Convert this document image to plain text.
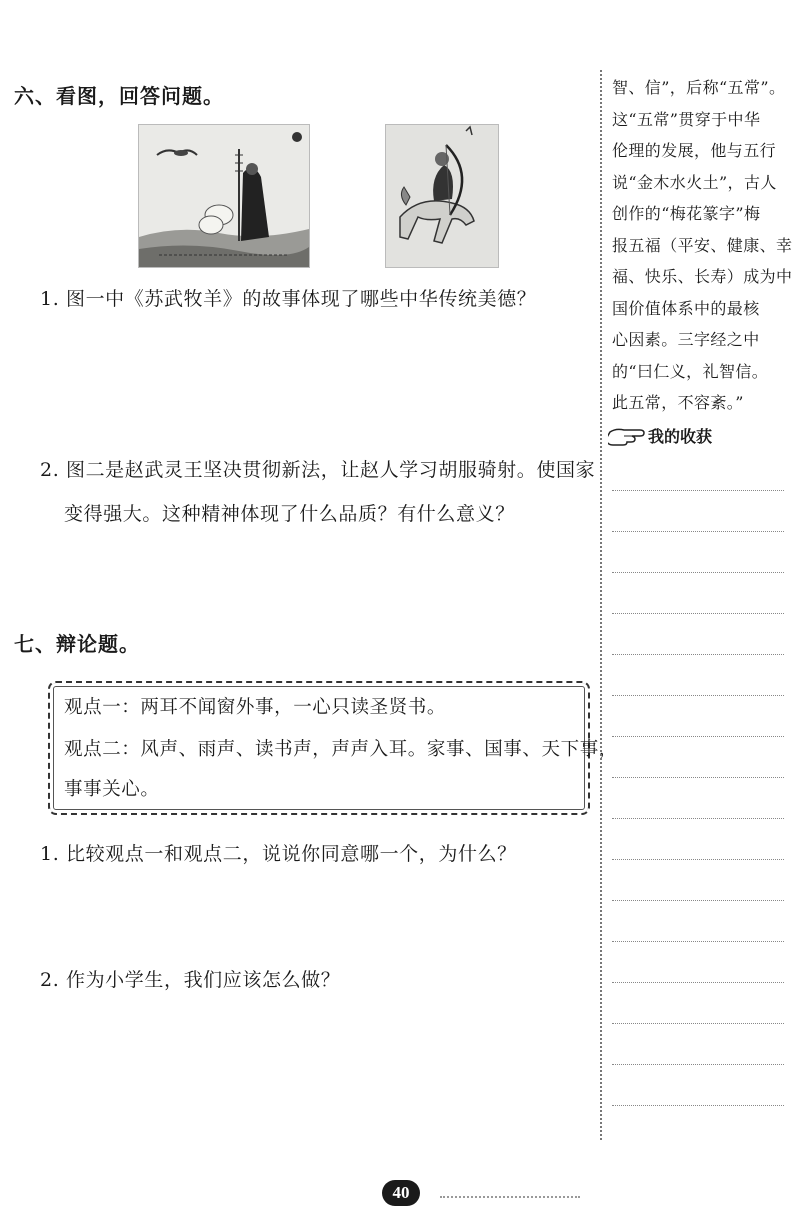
六、看图，回答问题。
1. 图一中《苏武牧羊》的故事体现了哪些中华传统美德？
2. 图二是赵武灵王坚决贯彻新法，让赵人学习胡服骑射。使国家
变得强大。这种精神体现了什么品质？有什么意义？
七、辩论题。
观点一：两耳不闻窗外事，一心只读圣贤书。
观点二：风声、雨声、读书声，声声入耳。家事、国事、天下事，
事事关心。
1. 比较观点一和观点二，说说你同意哪一个，为什么？
2. 作为小学生，我们应该怎么做？
智、信”，后称“五常”。
这“五常”贯穿于中华
伦理的发展，他与五行
说“金木水火土”，古人
创作的“梅花篆字”梅
报五福（平安、健康、幸
福、快乐、长寿）成为中
国价值体系中的最核
心因素。三字经之中
的“曰仁义，礼智信。
此五常，不容紊。”
我的收获
40
